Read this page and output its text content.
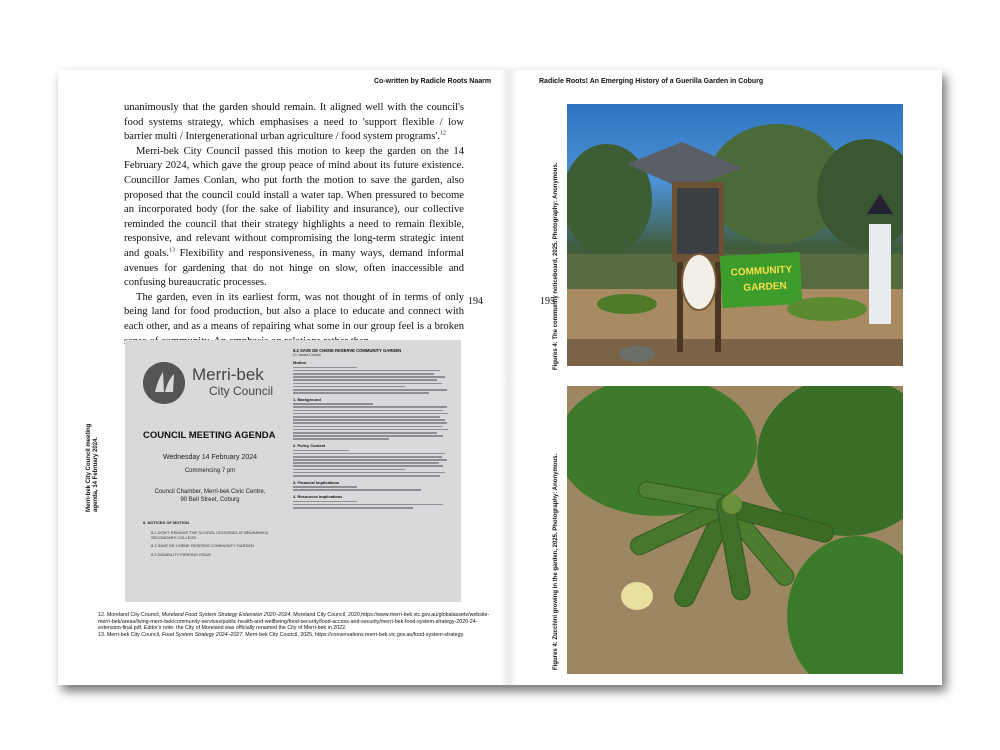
Co-written by Radicle Roots Naarm	Radicle Roots! An Emerging History of a Guerilla Garden in Coburg

unanimously that the garden should remain. It aligned well with the council's food systems strategy, which emphasises a need to 'support flexible / low barrier multi / Intergenerational urban agriculture / food system programs'.$^{12}$

Merri-bek City Council passed this motion to keep the garden on the 14 February 2024, which gave the group peace of mind about its future existence. Councillor James Conlan, who put forth the motion to save the garden, also proposed that the council could install a water tap. When pressured to become an incorporated body (for the sake of liability and insurance), our collective reminded the council that their strategy highlights a need to remain flexible, responsive, and relevant without compromising the long-term strategic intent and goals.$^{13}$ Flexibility and responsiveness, in many ways, demand informal avenues for gardening that do not hinge on slow, often inaccessible and confusing bureaucratic processes.

The garden, even in its earliest form, was not thought of in terms of only being land for food production, but also a place to educate and connect with each other, and as a means of repairing what some in our group feel is a broken

194	195
Merri-bek
City Council
COUNCIL MEETING AGENDA
Wednesday 14 February 2024
Commencing 7 pm
Council Chamber, Merri-bek Civic Centre,
90 Bell Street, Coburg
8. NOTICES OF MOTION
8.1 DON'T REMOVE THE SCHOOL CROSSING AT BRUNSWICK SECONDARY COLLEGE
8.2 SAVE DE CHENE RESERVE COMMUNITY GARDEN
8.3 DISABILITY PARKING ISSUE
8.2 SAVE DE CHENE RESERVE COMMUNITY GARDEN
Cr James Conlan
Motion
1. Background
2. Policy Context
3. Financial Implications
4. Resources Implications
Merri-bek City Council meeting agenda, 14 February 2024.
12. Moreland City Council, Moreland Food System Strategy Extension 2020–2024, Moreland City Council, 2020,https://www.merri-bek.vic.gov.au/globalassets/website-merri-bek/areas/living-merri-bek/community-services/public-health-and-wellbeing/food-security/food-access-and-security/merri-bek-food-system-strategy-2020-24-extension-final.pdf. Editor's note: the City of Moreland was officially renamed the City of Merri-bek in 2022.
13. Merri-bek City Council, Food System Strategy 2024–2027, Merri-bek City Council, 2025, https://conversations.merri-bek.vic.gov.au/food-system-strategy.
COMMUNITY
GARDEN
Figures 4: The community noticeboard, 2025. Photography: Anonymous.
Figures 4: Zucchini growing in the garden, 2025. Photography: Anonymous.
